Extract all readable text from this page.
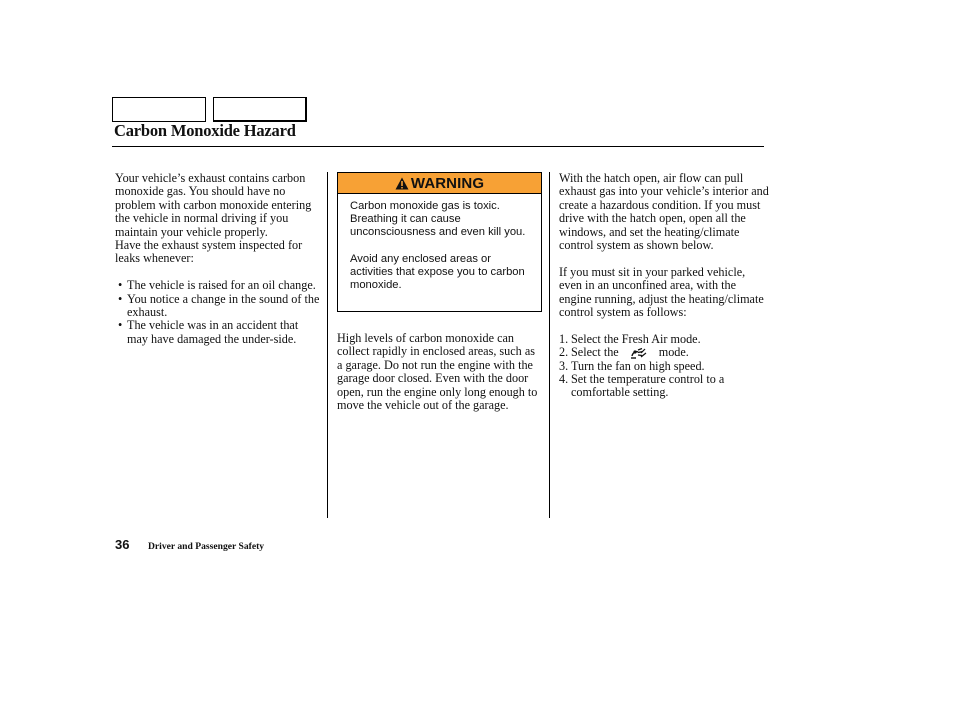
Carbon Monoxide Hazard

Your vehicle’s exhaust contains carbon monoxide gas. You should have no problem with carbon monoxide entering the vehicle in normal driving if you maintain your vehicle properly.

Have the exhaust system inspected for leaks whenever:

• The vehicle is raised for an oil change.
• You notice a change in the sound of the exhaust.
• The vehicle was in an accident that may have damaged the under-side.
WARNING

Carbon monoxide gas is toxic. Breathing it can cause unconsciousness and even kill you.

Avoid any enclosed areas or activities that expose you to carbon monoxide.

High levels of carbon monoxide can collect rapidly in enclosed areas, such as a garage. Do not run the engine with the garage door closed. Even with the door open, run the engine only long enough to move the vehicle out of the garage.

With the hatch open, air flow can pull exhaust gas into your vehicle’s interior and create a hazardous condition. If you must drive with the hatch open, open all the windows, and set the heating/climate control system as shown below.

If you must sit in your parked vehicle, even in an unconfined area, with the engine running, adjust the heating/climate control system as follows:

1. Select the Fresh Air mode.
2. Select the	mode.
3. Turn the fan on high speed.
4. Set the temperature control to a comfortable setting.
36 Driver and Passenger Safety
